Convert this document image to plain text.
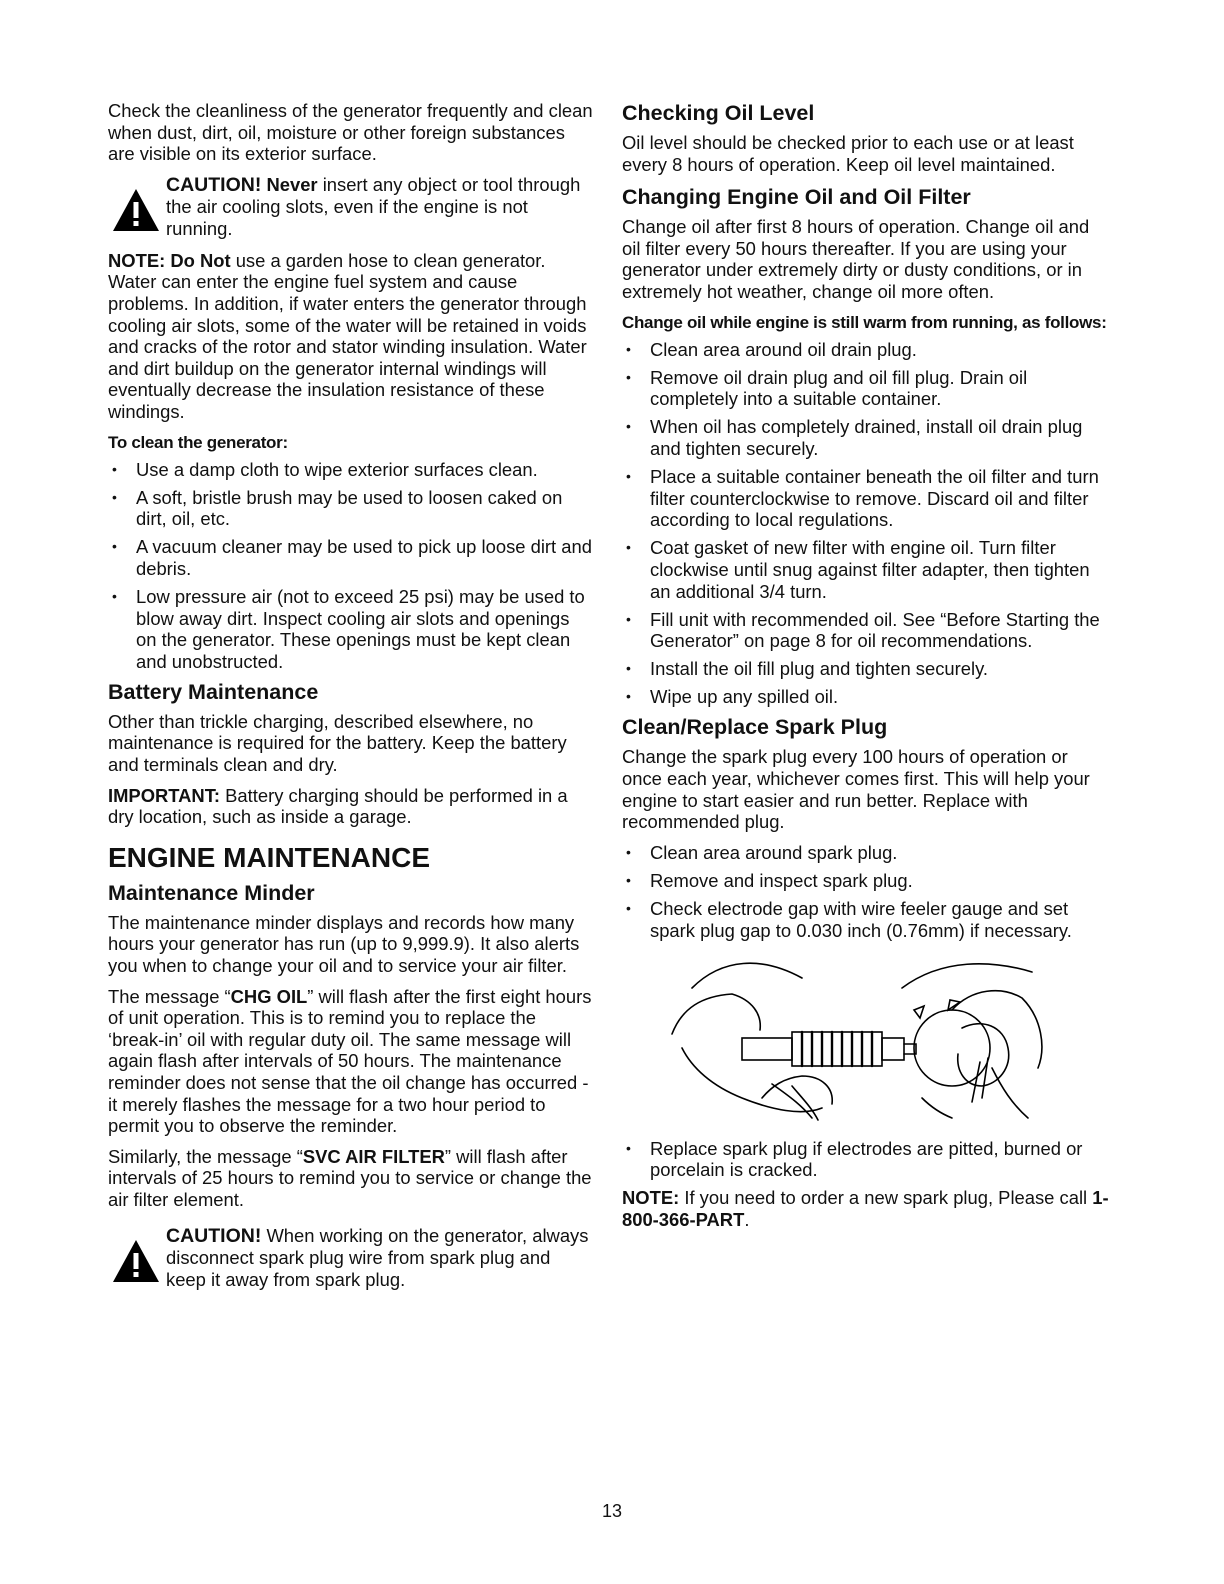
Check the cleanliness of the generator frequently and clean when dust, dirt, oil, moisture or other foreign substances are visible on its exterior surface.

CAUTION! Never insert any object or tool through the air cooling slots, even if the engine is not running.

NOTE: Do Not use a garden hose to clean generator. Water can enter the engine fuel system and cause problems. In addition, if water enters the generator through cooling air slots, some of the water will be retained in voids and cracks of the rotor and stator winding insulation. Water and dirt buildup on the generator internal windings will eventually decrease the insulation resistance of these windings.

To clean the generator:
• Use a damp cloth to wipe exterior surfaces clean.
• A soft, bristle brush may be used to loosen caked on dirt, oil, etc.
• A vacuum cleaner may be used to pick up loose dirt and debris.
• Low pressure air (not to exceed 25 psi) may be used to blow away dirt. Inspect cooling air slots and openings on the generator. These openings must be kept clean and unobstructed.
Battery Maintenance

Other than trickle charging, described elsewhere, no maintenance is required for the battery. Keep the battery and terminals clean and dry.

IMPORTANT: Battery charging should be performed in a dry location, such as inside a garage.

ENGINE MAINTENANCE
Maintenance Minder

The maintenance minder displays and records how many hours your generator has run (up to 9,999.9). It also alerts you when to change your oil and to service your air filter.

The message “CHG OIL” will flash after the first eight hours of unit operation. This is to remind you to replace the ‘break-in’ oil with regular duty oil. The same message will again flash after intervals of 50 hours. The maintenance reminder does not sense that the oil change has occurred - it merely flashes the message for a two hour period to permit you to observe the reminder.

Similarly, the message “SVC AIR FILTER” will flash after intervals of 25 hours to remind you to service or change the air filter element.

CAUTION! When working on the generator, always disconnect spark plug wire from spark plug and keep it away from spark plug.

Checking Oil Level

Oil level should be checked prior to each use or at least every 8 hours of operation. Keep oil level maintained.

Changing Engine Oil and Oil Filter

Change oil after first 8 hours of operation. Change oil and oil filter every 50 hours thereafter. If you are using your generator under extremely dirty or dusty conditions, or in extremely hot weather, change oil more often.

Change oil while engine is still warm from running, as follows:
• Clean area around oil drain plug.
• Remove oil drain plug and oil fill plug. Drain oil completely into a suitable container.
• When oil has completely drained, install oil drain plug and tighten securely.
• Place a suitable container beneath the oil filter and turn filter counterclockwise to remove. Discard oil and filter according to local regulations.
• Coat gasket of new filter with engine oil. Turn filter clockwise until snug against filter adapter, then tighten an additional 3/4 turn.
• Fill unit with recommended oil. See “Before Starting the Generator” on page 8 for oil recommendations.
• Install the oil fill plug and tighten securely.
• Wipe up any spilled oil.
Clean/Replace Spark Plug

Change the spark plug every 100 hours of operation or once each year, whichever comes first. This will help your engine to start easier and run better. Replace with recommended plug.

• Clean area around spark plug.
• Remove and inspect spark plug.
• Check electrode gap with wire feeler gauge and set spark plug gap to 0.030 inch (0.76mm) if necessary.
• Replace spark plug if electrodes are pitted, burned or porcelain is cracked.

NOTE: If you need to order a new spark plug, Please call 1-800-366-PART.

13
